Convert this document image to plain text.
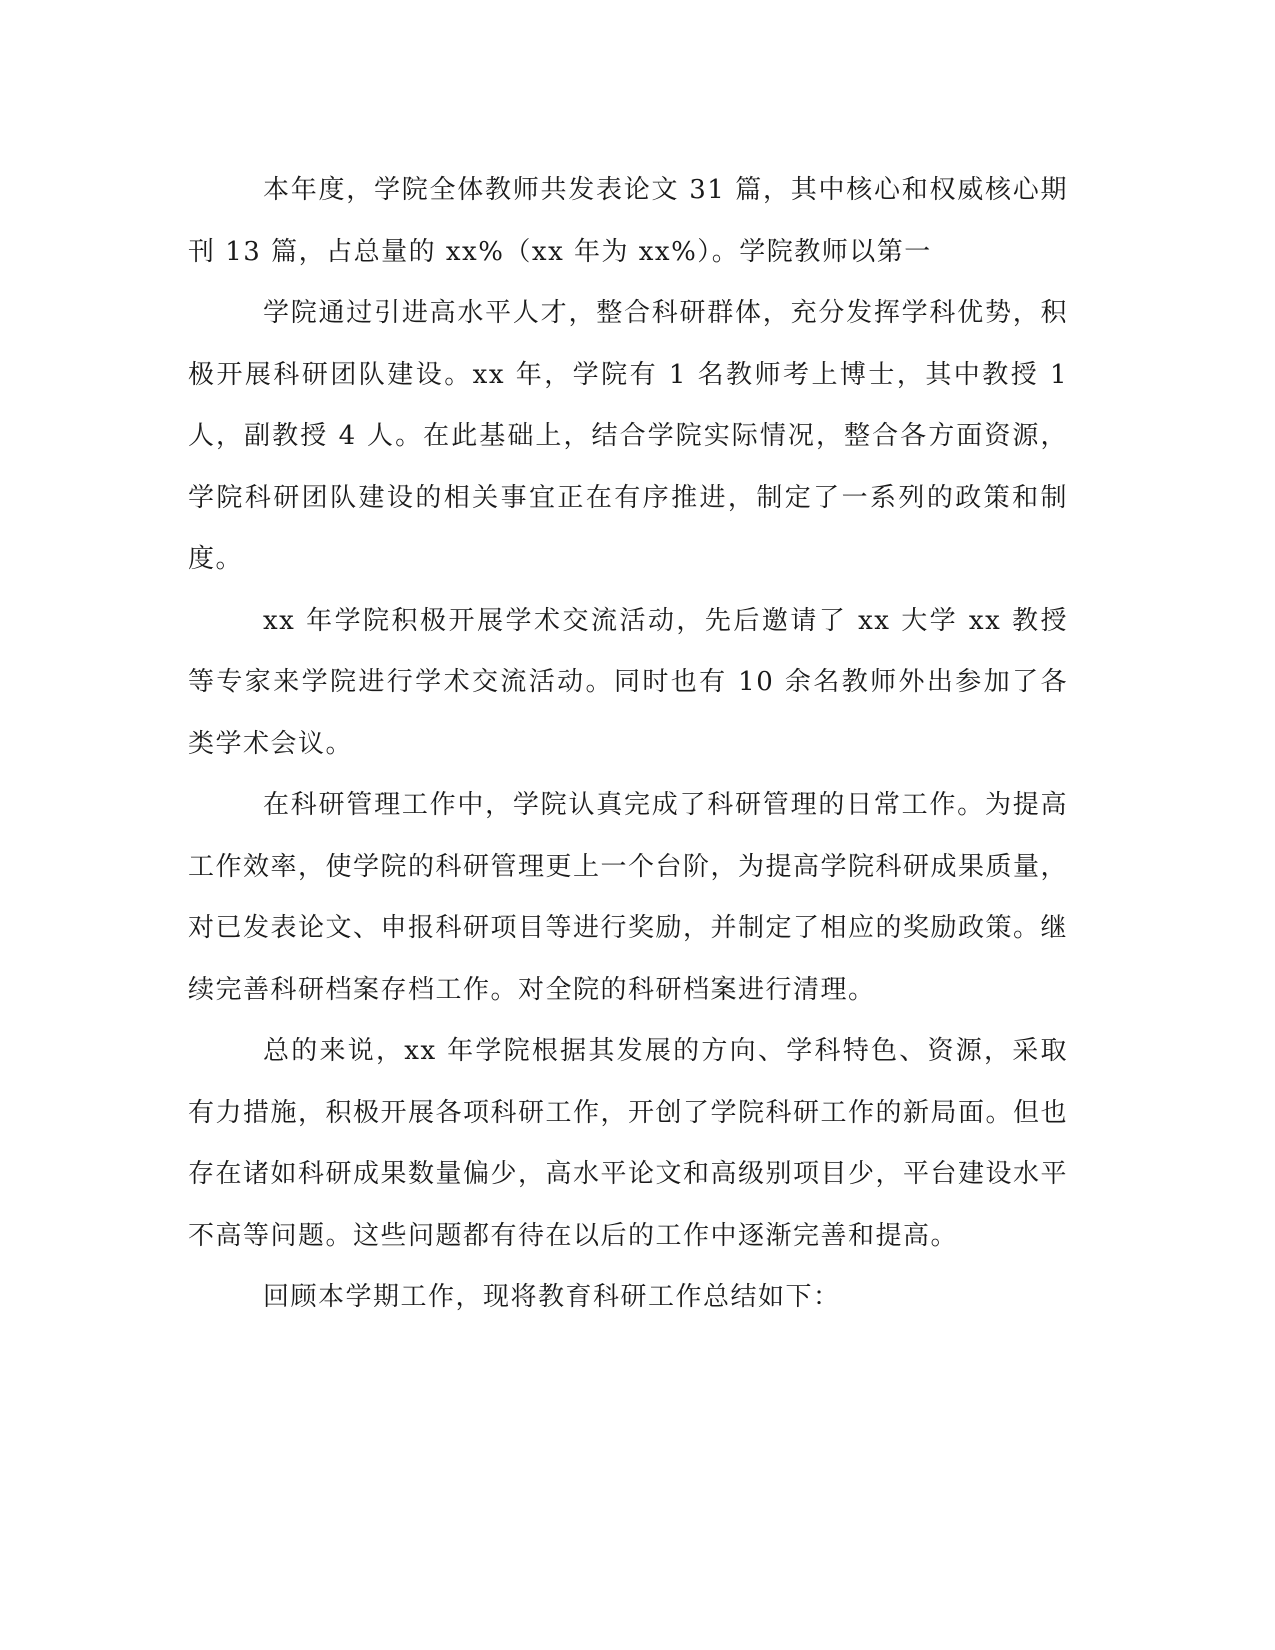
本年度，学院全体教师共发表论文 31 篇，其中核心和权威核心期刊 13 篇，占总量的 xx%（xx 年为 xx%）。学院教师以第一

学院通过引进高水平人才，整合科研群体，充分发挥学科优势，积极开展科研团队建设。xx 年，学院有 1 名教师考上博士，其中教授 1 人，副教授 4 人。在此基础上，结合学院实际情况，整合各方面资源，学院科研团队建设的相关事宜正在有序推进，制定了一系列的政策和制度。

xx 年学院积极开展学术交流活动，先后邀请了 xx 大学 xx 教授等专家来学院进行学术交流活动。同时也有 10 余名教师外出参加了各类学术会议。

在科研管理工作中，学院认真完成了科研管理的日常工作。为提高工作效率，使学院的科研管理更上一个台阶，为提高学院科研成果质量，对已发表论文、申报科研项目等进行奖励，并制定了相应的奖励政策。继续完善科研档案存档工作。对全院的科研档案进行清理。

总的来说，xx 年学院根据其发展的方向、学科特色、资源，采取有力措施，积极开展各项科研工作，开创了学院科研工作的新局面。但也存在诸如科研成果数量偏少，高水平论文和高级别项目少，平台建设水平不高等问题。这些问题都有待在以后的工作中逐渐完善和提高。

回顾本学期工作，现将教育科研工作总结如下：
